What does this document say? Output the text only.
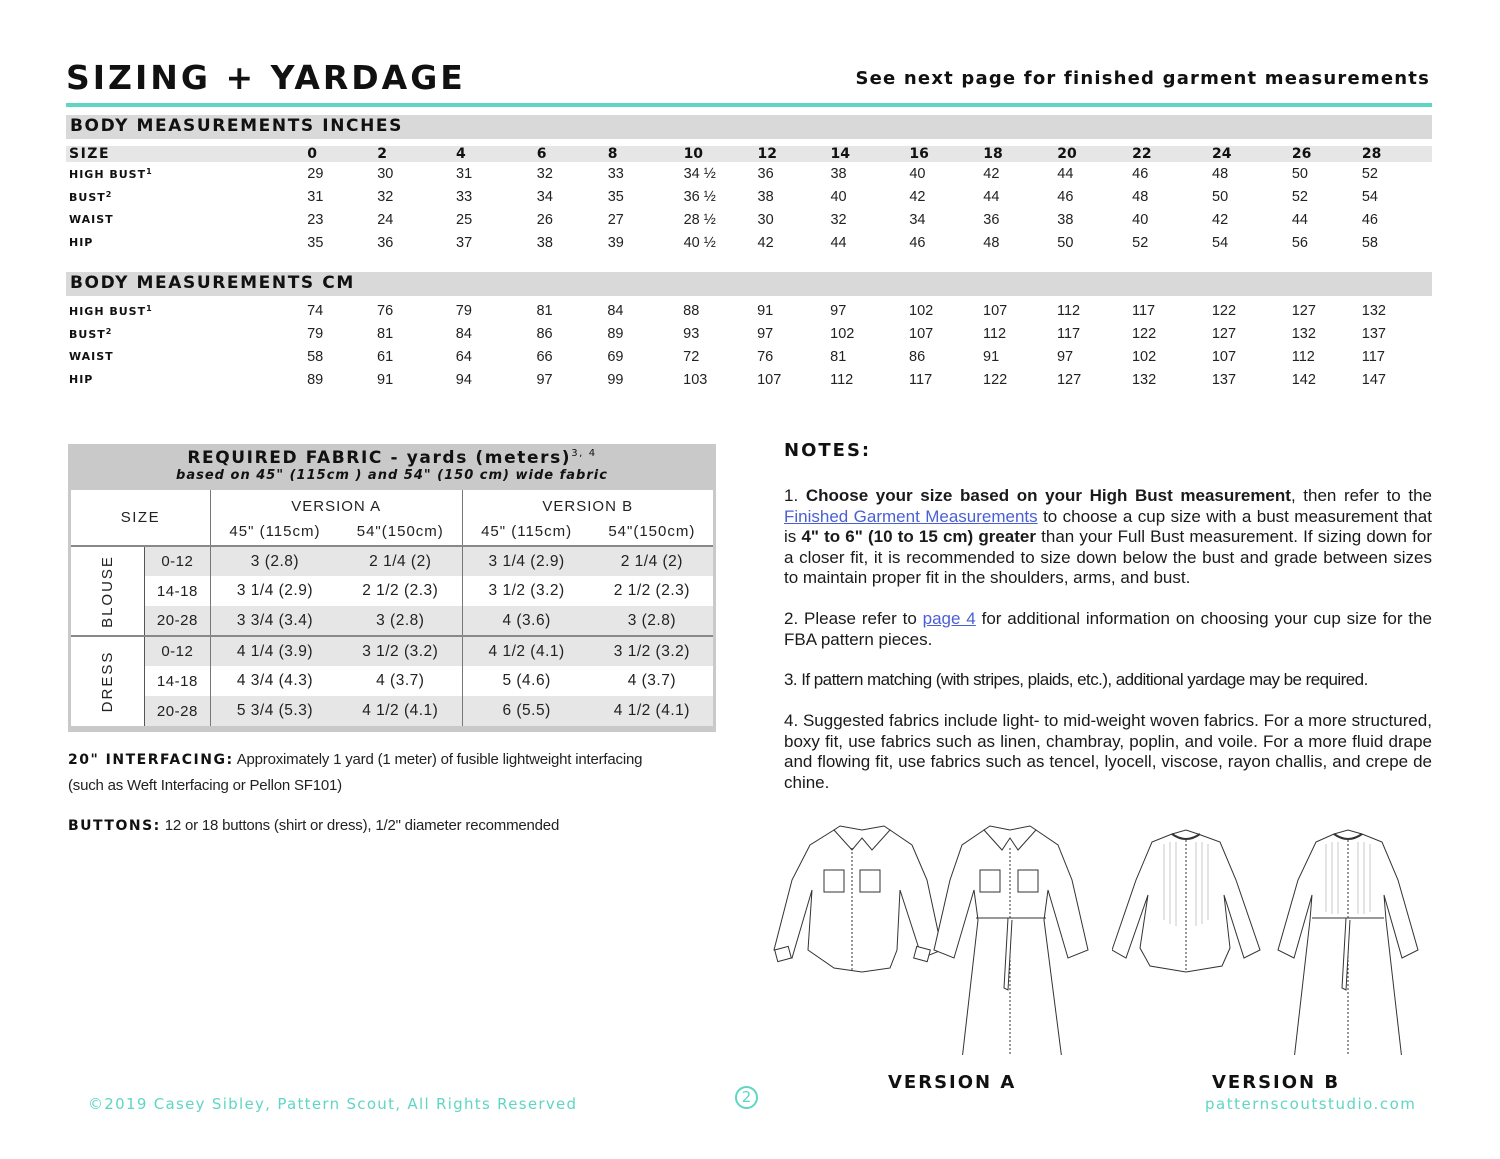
SIZING + YARDAGE	See next page for finished garment measurements
BODY MEASUREMENTS INCHES
SIZE	0	2	4	6	8	10	12	14	16	18	20	22	24	26	28
HIGH BUST$^1$	29	30	31	32	33	34 ½	36	38	40	42	44	46	48	50	52
BUST$^2$	31	32	33	34	35	36 ½	38	40	42	44	46	48	50	52	54
WAIST	23	24	25	26	27	28 ½	30	32	34	36	38	40	42	44	46
HIP	35	36	37	38	39	40 ½	42	44	46	48	50	52	54	56	58
BODY MEASUREMENTS CM
HIGH BUST$^1$	74	76	79	81	84	88	91	97	102	107	112	117	122	127	132
BUST$^2$	79	81	84	86	89	93	97	102	107	112	117	122	127	132	137
WAIST	58	61	64	66	69	72	76	81	86	91	97	102	107	112	117
HIP	89	91	94	97	99	103	107	112	117	122	127	132	137	142	147
REQUIRED FABRIC - yards (meters)$^{3, 4}$
based on 45" (115cm ) and 54" (150 cm) wide fabric
SIZE		VERSION A		VERSION B	
		45" (115cm)	54"(150cm)	45" (115cm)	54"(150cm)

BLOUSE	0-12	3 (2.8)	2 1/4 (2)	3 1/4 (2.9)	2 1/4 (2)
	14-18	3 1/4 (2.9)	2 1/2 (2.3)	3 1/2 (3.2)	2 1/2 (2.3)
	20-28	3 3/4 (3.4)	3 (2.8)	4 (3.6)	3 (2.8)

DRESS	0-12	4 1/4 (3.9)	3 1/2 (3.2)	4 1/2 (4.1)	3 1/2 (3.2)
	14-18	4 3/4 (4.3)	4 (3.7)	5 (4.6)	4 (3.7)
	20-28	5 3/4 (5.3)	4 1/2 (4.1)	6 (5.5)	4 1/2 (4.1)
20" INTERFACING: Approximately 1 yard (1 meter) of fusible lightweight interfacing
(such as Weft Interfacing or Pellon SF101)
BUTTONS: 12 or 18 buttons (shirt or dress), 1/2" diameter recommended
NOTES:
1. Choose your size based on your High Bust measurement, then refer to the Finished Garment Measurements to choose a cup size with a bust measurement that is 4" to 6" (10 to 15 cm) greater than your Full Bust measurement. If sizing down for a closer fit, it is recommended to size down below the bust and grade between sizes to maintain proper fit in the shoulders, arms, and bust.
2. Please refer to page 4 for additional information on choosing your cup size for the FBA pattern pieces.
3. If pattern matching (with stripes, plaids, etc.), additional yardage may be required.
4. Suggested fabrics include light- to mid-weight woven fabrics. For a more structured, boxy fit, use fabrics such as linen, chambray, poplin, and voile. For a more fluid drape and flowing fit, use fabrics such as tencel, lyocell, viscose, rayon challis, and crepe de chine.
VERSION A	VERSION B
©2019 Casey Sibley, Pattern Scout, All Rights Reserved	2	patternscoutstudio.com
